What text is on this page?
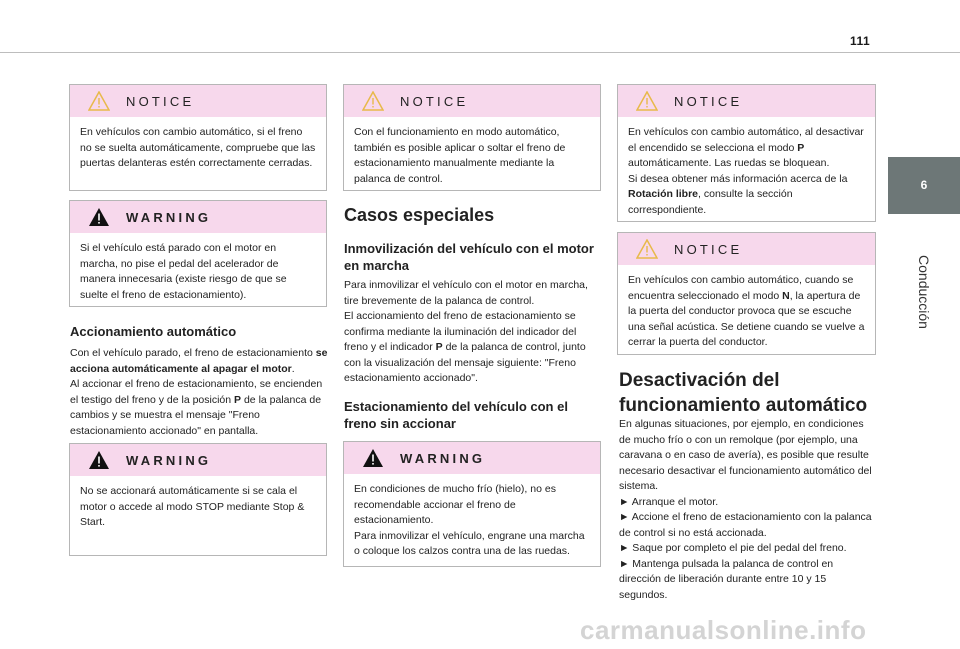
111
6
Conducción
NOTICE
En vehículos con cambio automático, si el freno no se suelta automáticamente, compruebe que las puertas delanteras estén correctamente cerradas.
WARNING
Si el vehículo está parado con el motor en marcha, no pise el pedal del acelerador de manera innecesaria (existe riesgo de que se suelte el freno de estacionamiento).
Accionamiento automático
Con el vehículo parado, el freno de estacionamiento se acciona automáticamente al apagar el motor.
Al accionar el freno de estacionamiento, se encienden el testigo del freno y de la posición P de la palanca de cambios y se muestra el mensaje "Freno estacionamiento accionado" en pantalla.
WARNING
No se accionará automáticamente si se cala el motor o accede al modo STOP mediante Stop & Start.
NOTICE
Con el funcionamiento en modo automático, también es posible aplicar o soltar el freno de estacionamiento manualmente mediante la palanca de control.
Casos especiales
Inmovilización del vehículo con el motor en marcha

Para inmovilizar el vehículo con el motor en marcha, tire brevemente de la palanca de control.

El accionamiento del freno de estacionamiento se confirma mediante la iluminación del indicador del freno y el indicador P de la palanca de control, junto con la visualización del mensaje siguiente: "Freno estacionamiento accionado".

Estacionamiento del vehículo con el freno sin accionar
WARNING
En condiciones de mucho frío (hielo), no es recomendable accionar el freno de estacionamiento.
Para inmovilizar el vehículo, engrane una marcha o coloque los calzos contra una de las ruedas.
NOTICE
En vehículos con cambio automático, al desactivar el encendido se selecciona el modo P automáticamente. Las ruedas se bloquean.
Si desea obtener más información acerca de la Rotación libre, consulte la sección correspondiente.
NOTICE
En vehículos con cambio automático, cuando se encuentra seleccionado el modo N, la apertura de la puerta del conductor provoca que se escuche una señal acústica. Se detiene cuando se vuelve a cerrar la puerta del conductor.
Desactivación del funcionamiento automático

En algunas situaciones, por ejemplo, en condiciones de mucho frío o con un remolque (por ejemplo, una caravana o en caso de avería), es posible que resulte necesario desactivar el funcionamiento automático del sistema.

► Arranque el motor.

► Accione el freno de estacionamiento con la palanca de control si no está accionada.

► Saque por completo el pie del pedal del freno.

► Mantenga pulsada la palanca de control en dirección de liberación durante entre 10 y 15 segundos.

carmanualsonline.info
